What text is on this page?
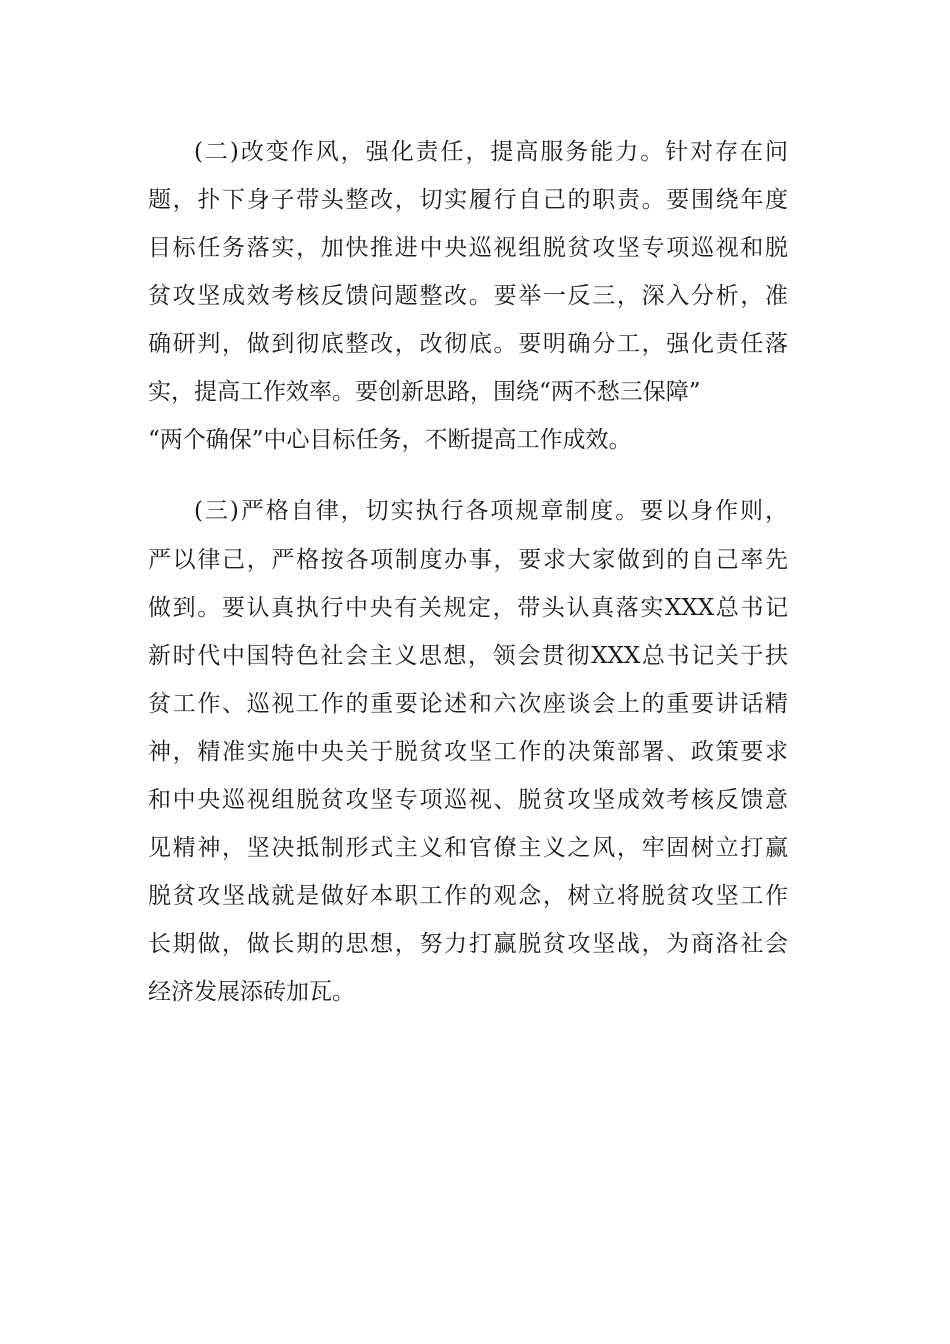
(二)改变作风，强化责任，提高服务能力。针对存在问
题，扑下身子带头整改，切实履行自己的职责。要围绕年度
目标任务落实，加快推进中央巡视组脱贫攻坚专项巡视和脱
贫攻坚成效考核反馈问题整改。要举一反三，深入分析，准
确研判，做到彻底整改，改彻底。要明确分工，强化责任落
实，提高工作效率。要创新思路，围绕“两不愁三保障”
“两个确保”中心目标任务，不断提高工作成效。
(三)严格自律，切实执行各项规章制度。要以身作则，
严以律己，严格按各项制度办事，要求大家做到的自己率先
做到。要认真执行中央有关规定，带头认真落实XXX总书记
新时代中国特色社会主义思想，领会贯彻XXX总书记关于扶
贫工作、巡视工作的重要论述和六次座谈会上的重要讲话精
神，精准实施中央关于脱贫攻坚工作的决策部署、政策要求
和中央巡视组脱贫攻坚专项巡视、脱贫攻坚成效考核反馈意
见精神，坚决抵制形式主义和官僚主义之风，牢固树立打赢
脱贫攻坚战就是做好本职工作的观念，树立将脱贫攻坚工作
长期做，做长期的思想，努力打赢脱贫攻坚战，为商洛社会
经济发展添砖加瓦。
